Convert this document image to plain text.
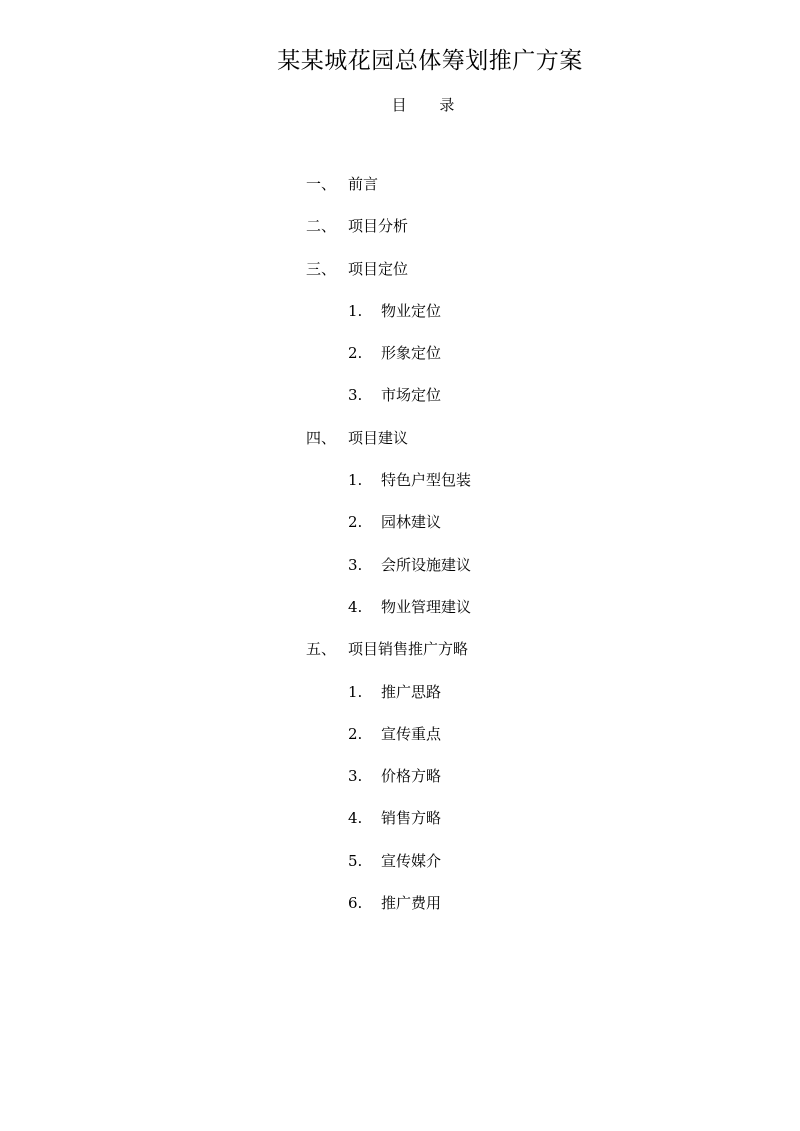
某某城花园总体筹划推广方案
目 录
一、 前言
二、 项目分析
三、 项目定位
1. 物业定位
2. 形象定位
3. 市场定位
四、 项目建议
1. 特色户型包装
2. 园林建议
3. 会所设施建议
4. 物业管理建议
五、 项目销售推广方略
1. 推广思路
2. 宣传重点
3. 价格方略
4. 销售方略
5. 宣传媒介
6. 推广费用
